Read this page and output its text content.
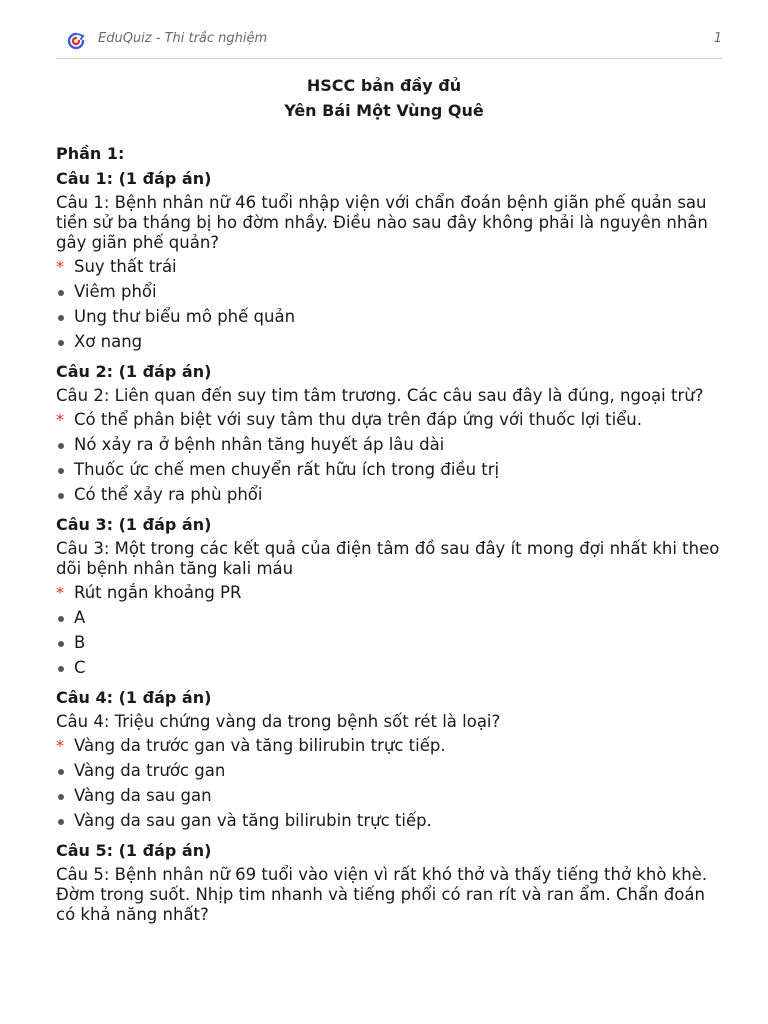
EduQuiz - Thi trắc nghiệm	1
HSCC bản đầy đủ
Yên Bái Một Vùng Quê
Phần 1:
Câu 1: (1 đáp án)
Câu 1: Bệnh nhân nữ 46 tuổi nhập viện với chẩn đoán bệnh giãn phế quản sau tiền sử ba tháng bị ho đờm nhầy. Điều nào sau đây không phải là nguyên nhân gây giãn phế quản?
* Suy thất trái
Viêm phổi
Ung thư biểu mô phế quản
Xơ nang
Câu 2: (1 đáp án)
Câu 2: Liên quan đến suy tim tâm trương. Các câu sau đây là đúng, ngoại trừ?
* Có thể phân biệt với suy tâm thu dựa trên đáp ứng với thuốc lợi tiểu.
Nó xảy ra ở bệnh nhân tăng huyết áp lâu dài
Thuốc ức chế men chuyển rất hữu ích trong điều trị
Có thể xảy ra phù phổi
Câu 3: (1 đáp án)
Câu 3: Một trong các kết quả của điện tâm đồ sau đây ít mong đợi nhất khi theo dõi bệnh nhân tăng kali máu
* Rút ngắn khoảng PR
A
B
C
Câu 4: (1 đáp án)
Câu 4: Triệu chứng vàng da trong bệnh sốt rét là loại?
* Vàng da trước gan và tăng bilirubin trực tiếp.
Vàng da trước gan
Vàng da sau gan
Vàng da sau gan và tăng bilirubin trực tiếp.
Câu 5: (1 đáp án)
Câu 5: Bệnh nhân nữ 69 tuổi vào viện vì rất khó thở và thấy tiếng thở khò khè. Đờm trong suốt. Nhịp tim nhanh và tiếng phổi có ran rít và ran ẩm. Chẩn đoán có khả năng nhất?
